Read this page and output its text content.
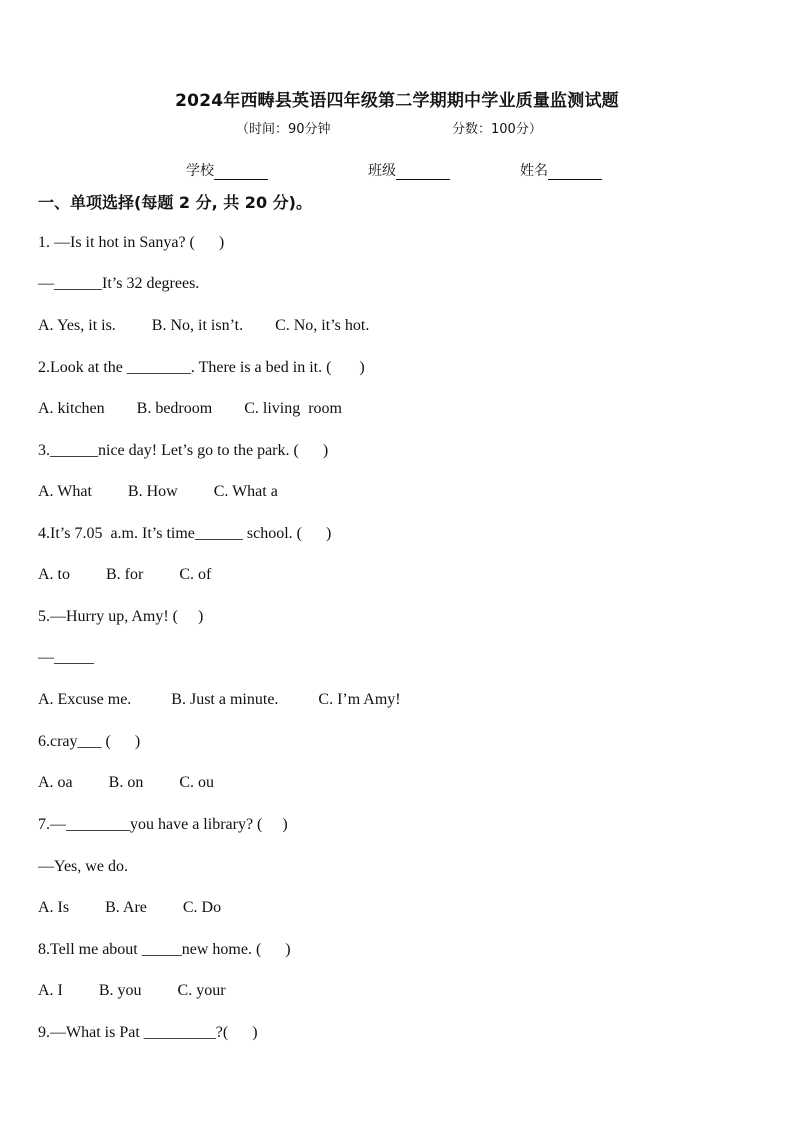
2024年西畴县英语四年级第二学期期中学业质量监测试题
（时间：90分钟	分数：100分）
学校	班级	姓名
一、单项选择(每题 2 分, 共 20 分)。
1. —Is it hot in Sanya? (      )
—______It’s 32 degrees.
A. Yes, it is.         B. No, it isn’t.        C. No, it’s hot.
2.Look at the ________. There is a bed in it. (       )
A. kitchen        B. bedroom        C. living  room
3.______nice day! Let’s go to the park. (      )
A. What         B. How         C. What a
4.It’s 7.05  a.m. It’s time______ school. (      )
A. to         B. for         C. of
5.—Hurry up, Amy! (     )
—_____
A. Excuse me.          B. Just a minute.          C. I’m Amy!
6.cray___ (      )
A. oa         B. on         C. ou
7.—________you have a library? (     )
—Yes, we do.
A. Is         B. Are         C. Do
8.Tell me about _____new home. (      )
A. I         B. you         C. your
9.—What is Pat _________?(      )
